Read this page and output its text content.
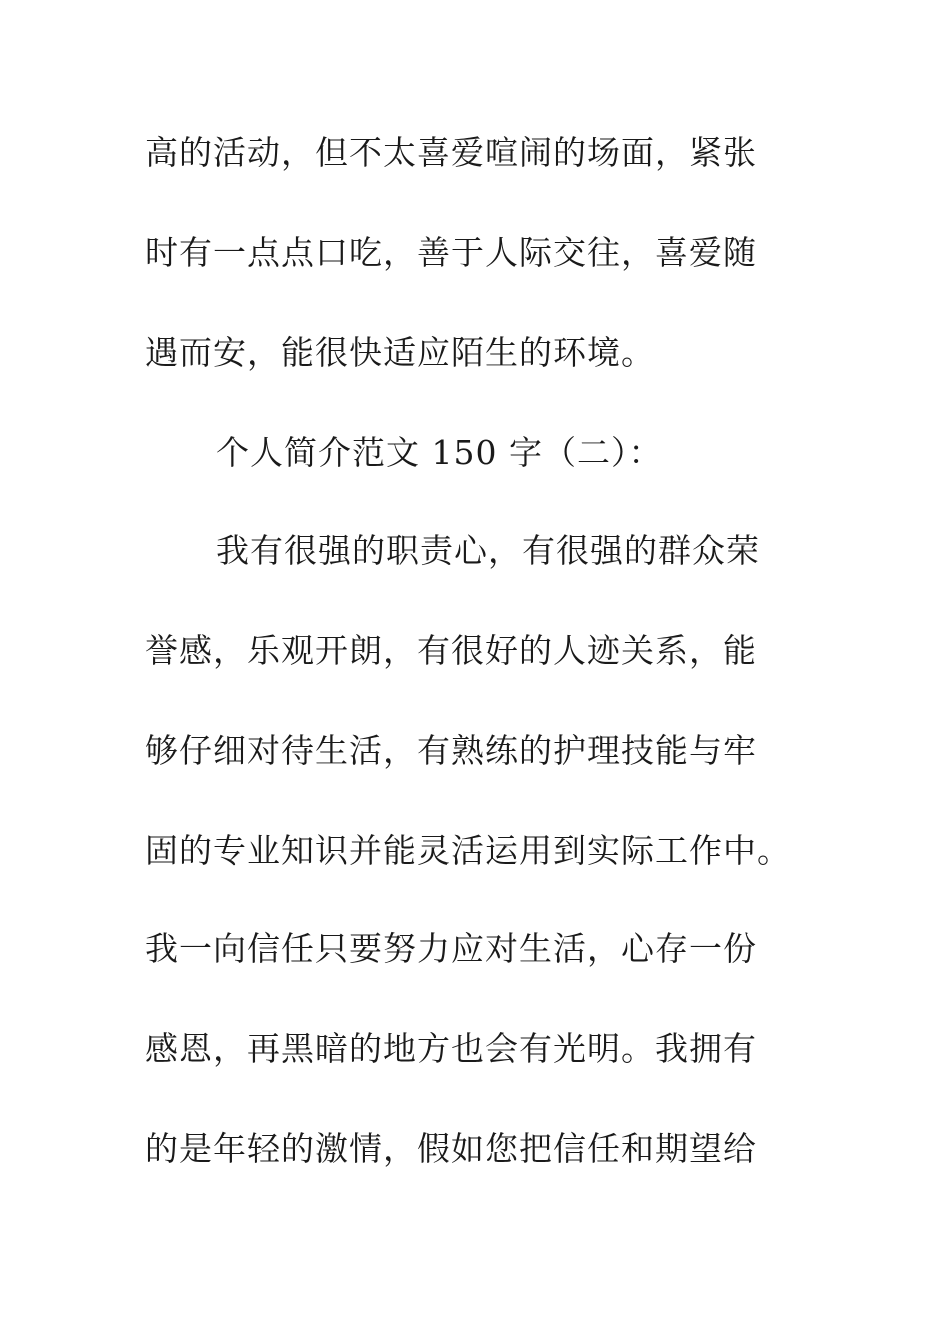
高的活动，但不太喜爱喧闹的场面，紧张
时有一点点口吃，善于人际交往，喜爱随
遇而安，能很快适应陌生的环境。
个人简介范文 150 字（二）：
我有很强的职责心，有很强的群众荣
誉感，乐观开朗，有很好的人迹关系，能
够仔细对待生活，有熟练的护理技能与牢
固的专业知识并能灵活运用到实际工作中。
我一向信任只要努力应对生活，心存一份
感恩，再黑暗的地方也会有光明。我拥有
的是年轻的激情，假如您把信任和期望给
